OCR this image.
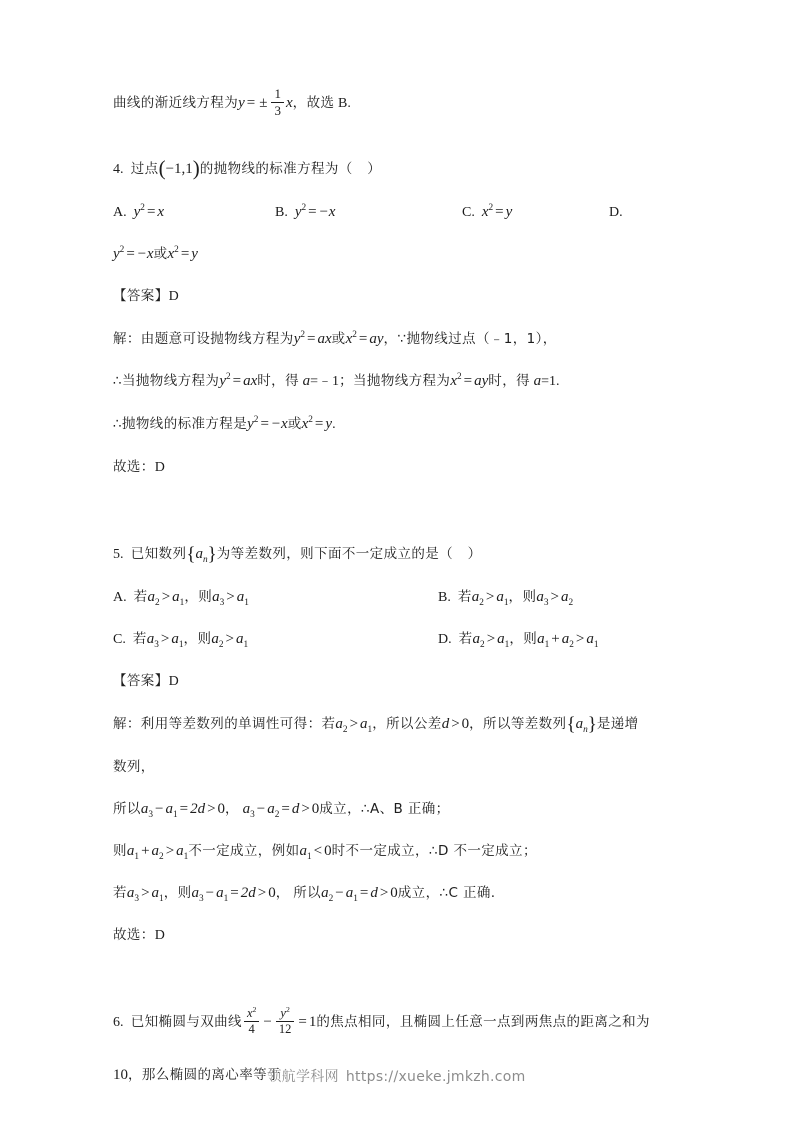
曲线的渐近线方程为y = ± $\frac{1}{3}$ x，故选 B.
4. 过点(−1,1)的抛物线的标准方程为（ ）
A. $y^2 = x$	B. $y^2 = -x$	C. $x^2 = y$	D.
$y^2 = -x$或$x^2 = y$
【答案】D
解：由题意可设抛物线方程为$y^2$ = ax或$x^2$ = ay，∵抛物线过点（﹣1，1），
∴当抛物线方程为$y^2$ = ax时，得 a=﹣1；当抛物线方程为$x^2$ = ay时，得 a=1.
∴抛物线的标准方程是$y^2 = -x$或$x^2 = y$.
故选：D
5. 已知数列$\{a_n\}$为等差数列，则下面不一定成立的是（ ）
A. 若$a_2 > a_1$，则$a_3 > a_1$	B. 若$a_2 > a_1$，则$a_3 > a_2$
C. 若$a_3 > a_1$，则$a_2 > a_1$	D. 若$a_2 > a_1$，则$a_1 + a_2 > a_1$
【答案】D
解：利用等差数列的单调性可得：若$a_2 > a_1$，所以公差d > 0，所以等差数列$\{a_n\}$是递增
数列，
所以$a_3 - a_1 = 2d > 0$， $a_3 - a_2 = d > 0$成立，∴A、B 正确；
则$a_1 + a_2 > a_1$不一定成立，例如$a_1 < 0$时不一定成立，∴D 不一定成立；
若$a_3 > a_1$，则$a_3 - a_1 = 2d > 0$， 所以$a_2 - a_1 = d > 0$成立，∴C 正确.
故选：D
6. 已知椭圆与双曲线 $\frac{x^2}{4} - \frac{y^2}{12} = 1$的焦点相同，且椭圆上任意一点到两焦点的距离之和为
10，那么椭圆的离心率等于
领航学科网 https://xueke.jmkzh.com
